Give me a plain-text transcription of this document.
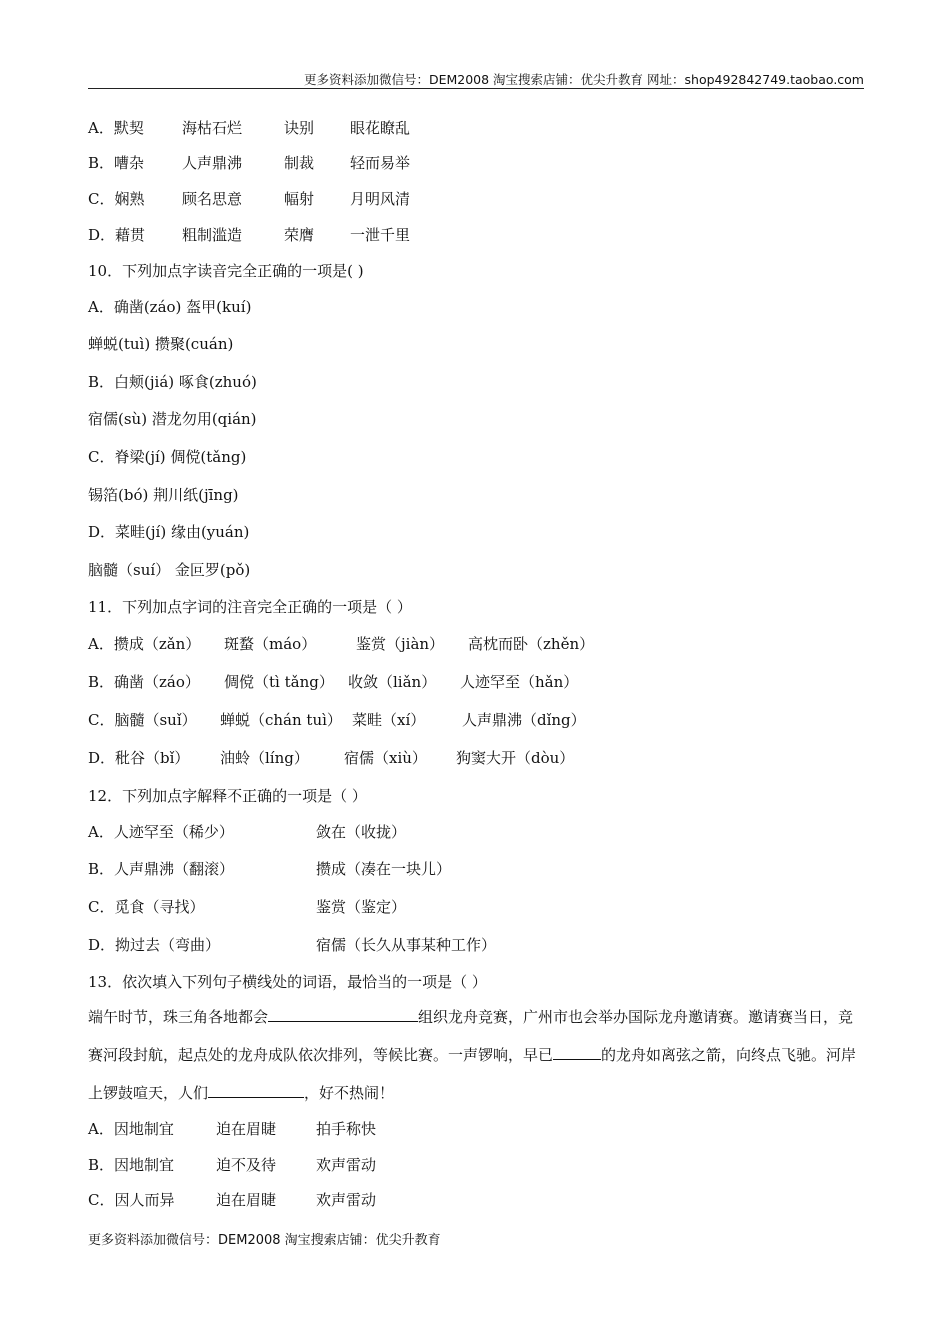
更多资料添加微信号：DEM2008 淘宝搜索店铺：优尖升教育 网址：shop492842749.taobao.com
A．默契	海枯石烂	诀别 眼花瞭乱
B．嘈杂	人声鼎沸	制裁 轻而易举
C．娴熟	顾名思意	幅射 月明风清
D．藉贯 粗制滥造	荣膺 一泄千里
10．下列加点字读音完全正确的一项是( )
A．确凿(záo) 盔甲(kuí)
蝉蜕(tuì) 攒聚(cuán)
B．白颊(jiá) 啄食(zhuó)
宿儒(sù) 潜龙勿用(qián)
C．脊梁(jí) 倜傥(tǎng)
锡箔(bó) 荆川纸(jīng)
D．菜畦(jí) 缘由(yuán)
脑髓（suí） 金叵罗(pǒ)
11．下列加点字词的注音完全正确的一项是（ ）
A．攒成（zǎn） 斑蝥（máo）	鉴赏（jiàn） 高枕而卧（zhěn）
B．确凿（záo） 倜傥（tì tǎng） 收敛（liǎn） 人迹罕至（hǎn）
C．脑髓（suǐ） 蝉蜕（chán tuì） 菜畦（xí） 人声鼎沸（dǐng）
D．秕谷（bǐ） 油蛉（líng） 宿儒（xiù） 狗窦大开（dòu）
12．下列加点字解释不正确的一项是（ ）
A．人迹罕至（稀少）	敛在（收拢）
B．人声鼎沸（翻滚）	攒成（凑在一块儿）
C．觅食（寻找）	鉴赏（鉴定）
D．拗过去（弯曲）	宿儒（长久从事某种工作）
13．依次填入下列句子横线处的词语，最恰当的一项是（ ）
端午时节，珠三角各地都会	组织龙舟竞赛，广州市也会举办国际龙舟邀请赛。邀请赛当日，竞赛河段封航，起点处的龙舟成队依次排列，等候比赛。一声锣响，早已	的龙舟如离弦之箭，向终点飞驰。河岸上锣鼓喧天，人们	，好不热闹！
A．因地制宜	迫在眉睫	拍手称快
B．因地制宜	迫不及待	欢声雷动
C．因人而异	迫在眉睫	欢声雷动
更多资料添加微信号：DEM2008 淘宝搜索店铺：优尖升教育
